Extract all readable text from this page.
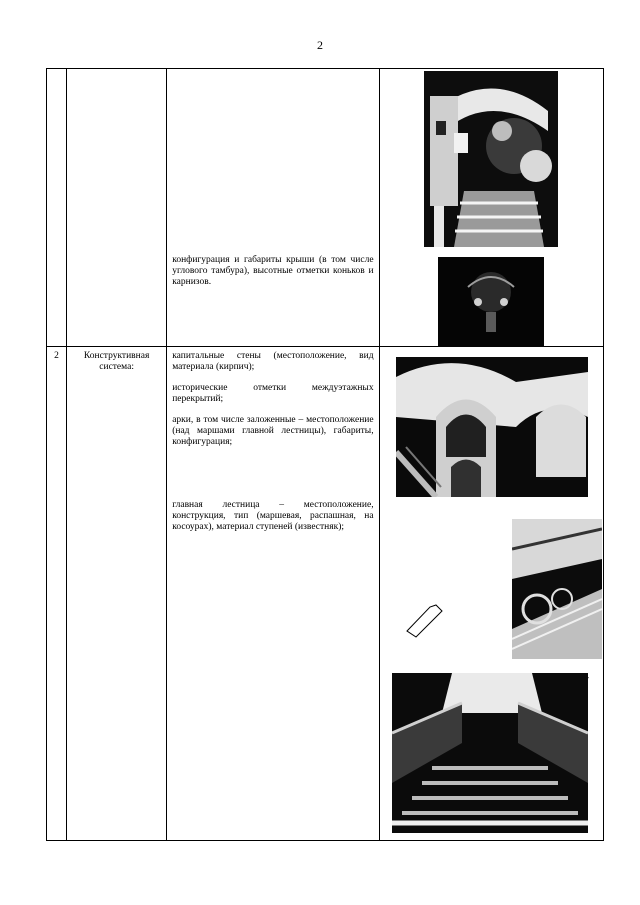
2

		конфигурация и габариты крыши (в том числе углового тамбура), высотные отметки коньков и карнизов.

2	Конструктивная система:	капитальные стены (местоположение, вид материала (кирпич);

исторические отметки междуэтажных перекрытий;

арки, в том числе заложенные – местоположение (над маршами главной лестницы), габариты, конфигурация;

главная лестница – местоположение, конструкция, тип (маршевая, распашная, на косоурах), материал ступеней (известняк);
